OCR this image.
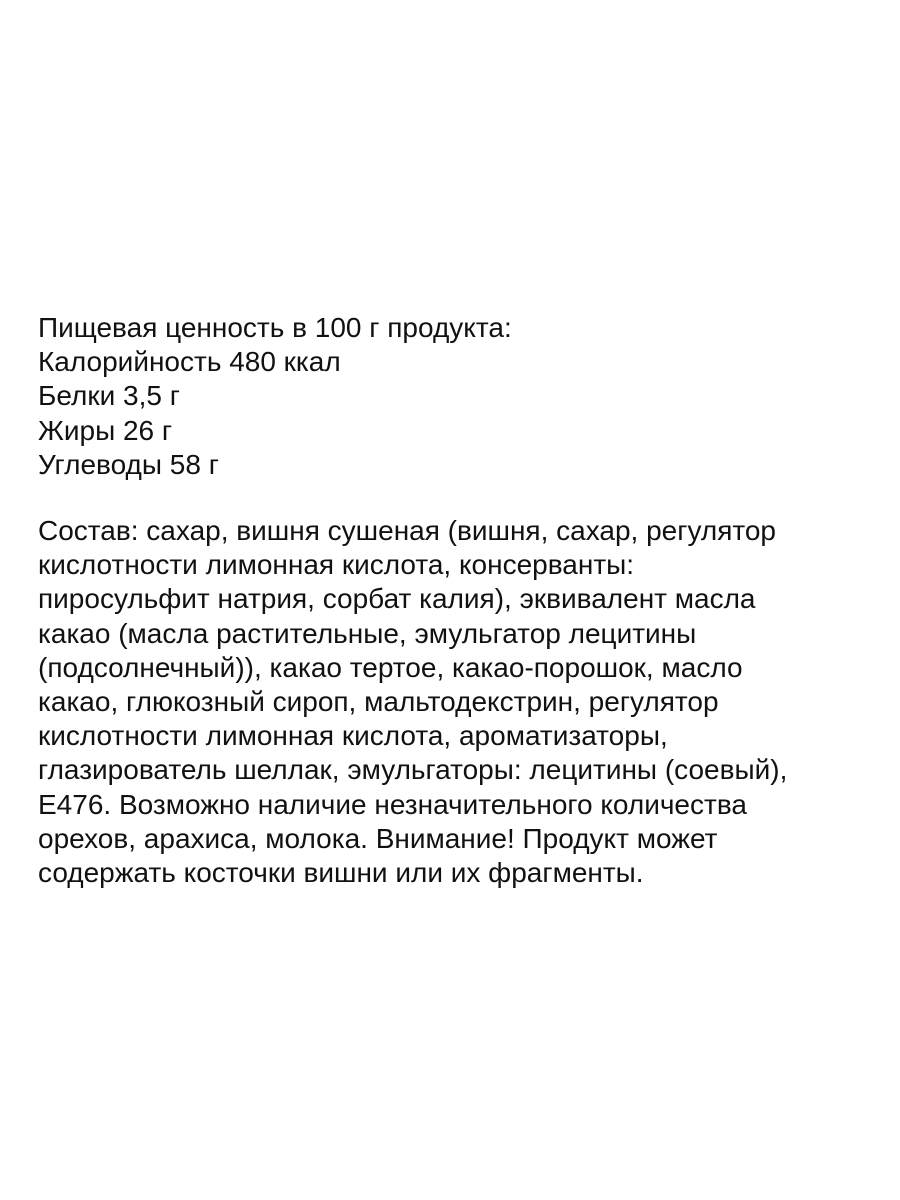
Пищевая ценность в 100 г продукта:
Калорийность 480 ккал
Белки 3,5 г
Жиры 26 г
Углеводы 58 г
Состав: сахар, вишня сушеная (вишня, сахар, регулятор
кислотности лимонная кислота, консерванты:
пиросульфит натрия, сорбат калия), эквивалент масла
какао (масла растительные, эмульгатор лецитины
(подсолнечный)), какао тертое, какао-порошок, масло
какао, глюкозный сироп, мальтодекстрин, регулятор
кислотности лимонная кислота, ароматизаторы,
глазирователь шеллак, эмульгаторы: лецитины (соевый),
Е476. Возможно наличие незначительного количества
орехов, арахиса, молока. Внимание! Продукт может
содержать косточки вишни или их фрагменты.
